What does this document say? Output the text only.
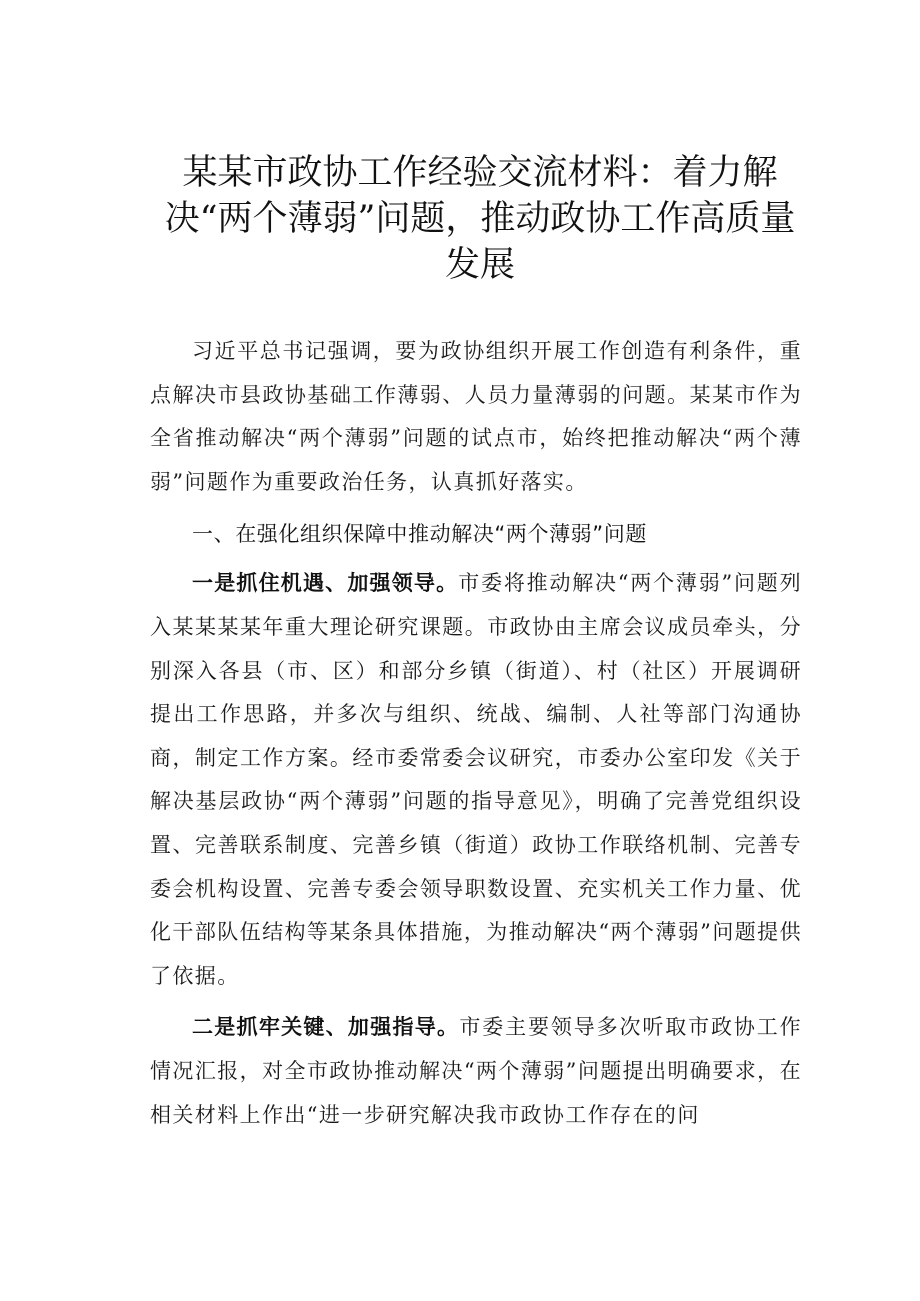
某某市政协工作经验交流材料：着力解决“两个薄弱”问题，推动政协工作高质量发展

习近平总书记强调，要为政协组织开展工作创造有利条件，重点解决市县政协基础工作薄弱、人员力量薄弱的问题。某某市作为全省推动解决“两个薄弱”问题的试点市，始终把推动解决“两个薄弱”问题作为重要政治任务，认真抓好落实。

一、在强化组织保障中推动解决“两个薄弱”问题

一是抓住机遇、加强领导。市委将推动解决“两个薄弱”问题列入某某某某年重大理论研究课题。市政协由主席会议成员牵头，分别深入各县（市、区）和部分乡镇（街道）、村（社区）开展调研提出工作思路，并多次与组织、统战、编制、人社等部门沟通协商，制定工作方案。经市委常委会议研究，市委办公室印发《关于解决基层政协“两个薄弱”问题的指导意见》，明确了完善党组织设置、完善联系制度、完善乡镇（街道）政协工作联络机制、完善专委会机构设置、完善专委会领导职数设置、充实机关工作力量、优化干部队伍结构等某条具体措施，为推动解决“两个薄弱”问题提供了依据。

二是抓牢关键、加强指导。市委主要领导多次听取市政协工作情况汇报，对全市政协推动解决“两个薄弱”问题提出明确要求，在相关材料上作出“进一步研究解决我市政协工作存在的问
